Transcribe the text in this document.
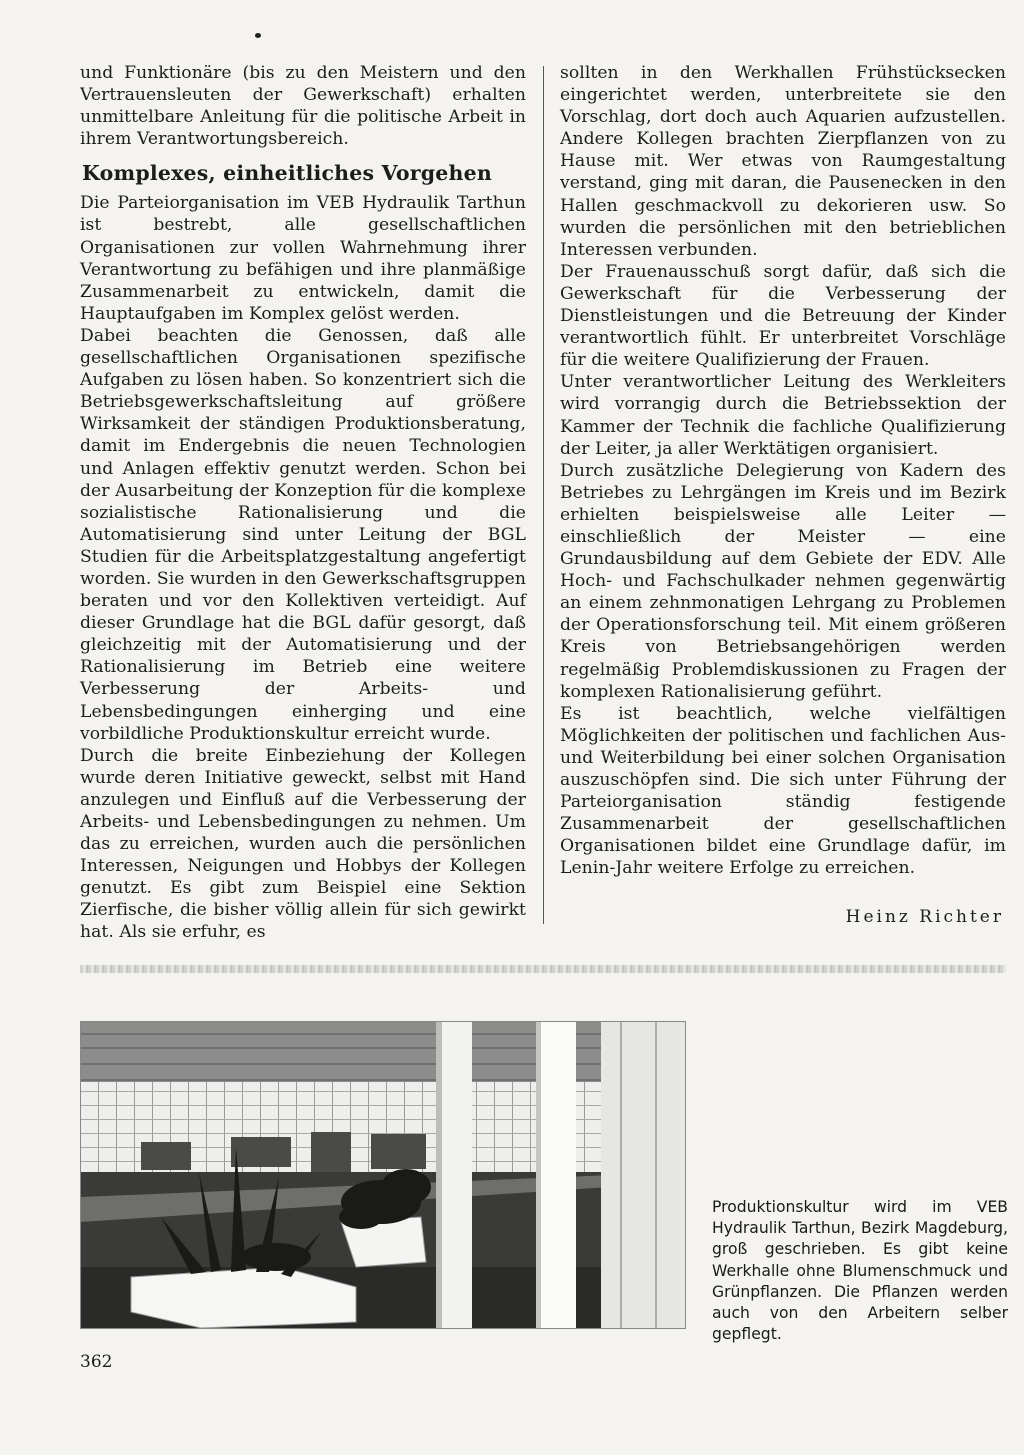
und Funktionäre (bis zu den Meistern und den Vertrauensleuten der Gewerkschaft) erhalten unmittelbare Anleitung für die politische Arbeit in ihrem Verantwortungsbereich.

Komplexes, einheitliches Vorgehen

Die Parteiorganisation im VEB Hydraulik Tarthun ist bestrebt, alle gesellschaftlichen Organisationen zur vollen Wahrnehmung ihrer Verantwortung zu befähigen und ihre planmäßige Zusammenarbeit zu entwickeln, damit die Hauptaufgaben im Komplex gelöst werden.

Dabei beachten die Genossen, daß alle gesellschaftlichen Organisationen spezifische Aufgaben zu lösen haben. So konzentriert sich die Betriebsgewerkschaftsleitung auf größere Wirksamkeit der ständigen Produktionsberatung, damit im Endergebnis die neuen Technologien und Anlagen effektiv genutzt werden. Schon bei der Ausarbeitung der Konzeption für die komplexe sozialistische Rationalisierung und die Automatisierung sind unter Leitung der BGL Studien für die Arbeitsplatzgestaltung angefertigt worden. Sie wurden in den Gewerkschaftsgruppen beraten und vor den Kollektiven verteidigt. Auf dieser Grundlage hat die BGL dafür gesorgt, daß gleichzeitig mit der Automatisierung und der Rationalisierung im Betrieb eine weitere Verbesserung der Arbeits- und Lebensbedingungen einherging und eine vorbildliche Produktionskultur erreicht wurde.

Durch die breite Einbeziehung der Kollegen wurde deren Initiative geweckt, selbst mit Hand anzulegen und Einfluß auf die Verbesserung der Arbeits- und Lebensbedingungen zu nehmen. Um das zu erreichen, wurden auch die persönlichen Interessen, Neigungen und Hobbys der Kollegen genutzt. Es gibt zum Beispiel eine Sektion Zierfische, die bisher völlig allein für sich gewirkt hat. Als sie erfuhr, es

sollten in den Werkhallen Frühstücksecken eingerichtet werden, unterbreitete sie den Vorschlag, dort doch auch Aquarien aufzustellen. Andere Kollegen brachten Zierpflanzen von zu Hause mit. Wer etwas von Raumgestaltung verstand, ging mit daran, die Pausenecken in den Hallen geschmackvoll zu dekorieren usw. So wurden die persönlichen mit den betrieblichen Interessen verbunden.

Der Frauenausschuß sorgt dafür, daß sich die Gewerkschaft für die Verbesserung der Dienstleistungen und die Betreuung der Kinder verantwortlich fühlt. Er unterbreitet Vorschläge für die weitere Qualifizierung der Frauen.

Unter verantwortlicher Leitung des Werkleiters wird vorrangig durch die Betriebssektion der Kammer der Technik die fachliche Qualifizierung der Leiter, ja aller Werktätigen organisiert.

Durch zusätzliche Delegierung von Kadern des Betriebes zu Lehrgängen im Kreis und im Bezirk erhielten beispielsweise alle Leiter — einschließlich der Meister — eine Grundausbildung auf dem Gebiete der EDV. Alle Hoch- und Fachschulkader nehmen gegenwärtig an einem zehnmonatigen Lehrgang zu Problemen der Operationsforschung teil. Mit einem größeren Kreis von Betriebsangehörigen werden regelmäßig Problemdiskussionen zu Fragen der komplexen Rationalisierung geführt.

Es ist beachtlich, welche vielfältigen Möglichkeiten der politischen und fachlichen Aus- und Weiterbildung bei einer solchen Organisation auszuschöpfen sind. Die sich unter Führung der Parteiorganisation ständig festigende Zusammenarbeit der gesellschaftlichen Organisationen bildet eine Grundlage dafür, im Lenin-Jahr weitere Erfolge zu erreichen.

Heinz Richter
Produktionskultur wird im VEB Hydraulik Tarthun, Bezirk Magdeburg, groß geschrieben. Es gibt keine Werkhalle ohne Blumenschmuck und Grünpflanzen. Die Pflanzen werden auch von den Arbeitern selber gepflegt.
362
